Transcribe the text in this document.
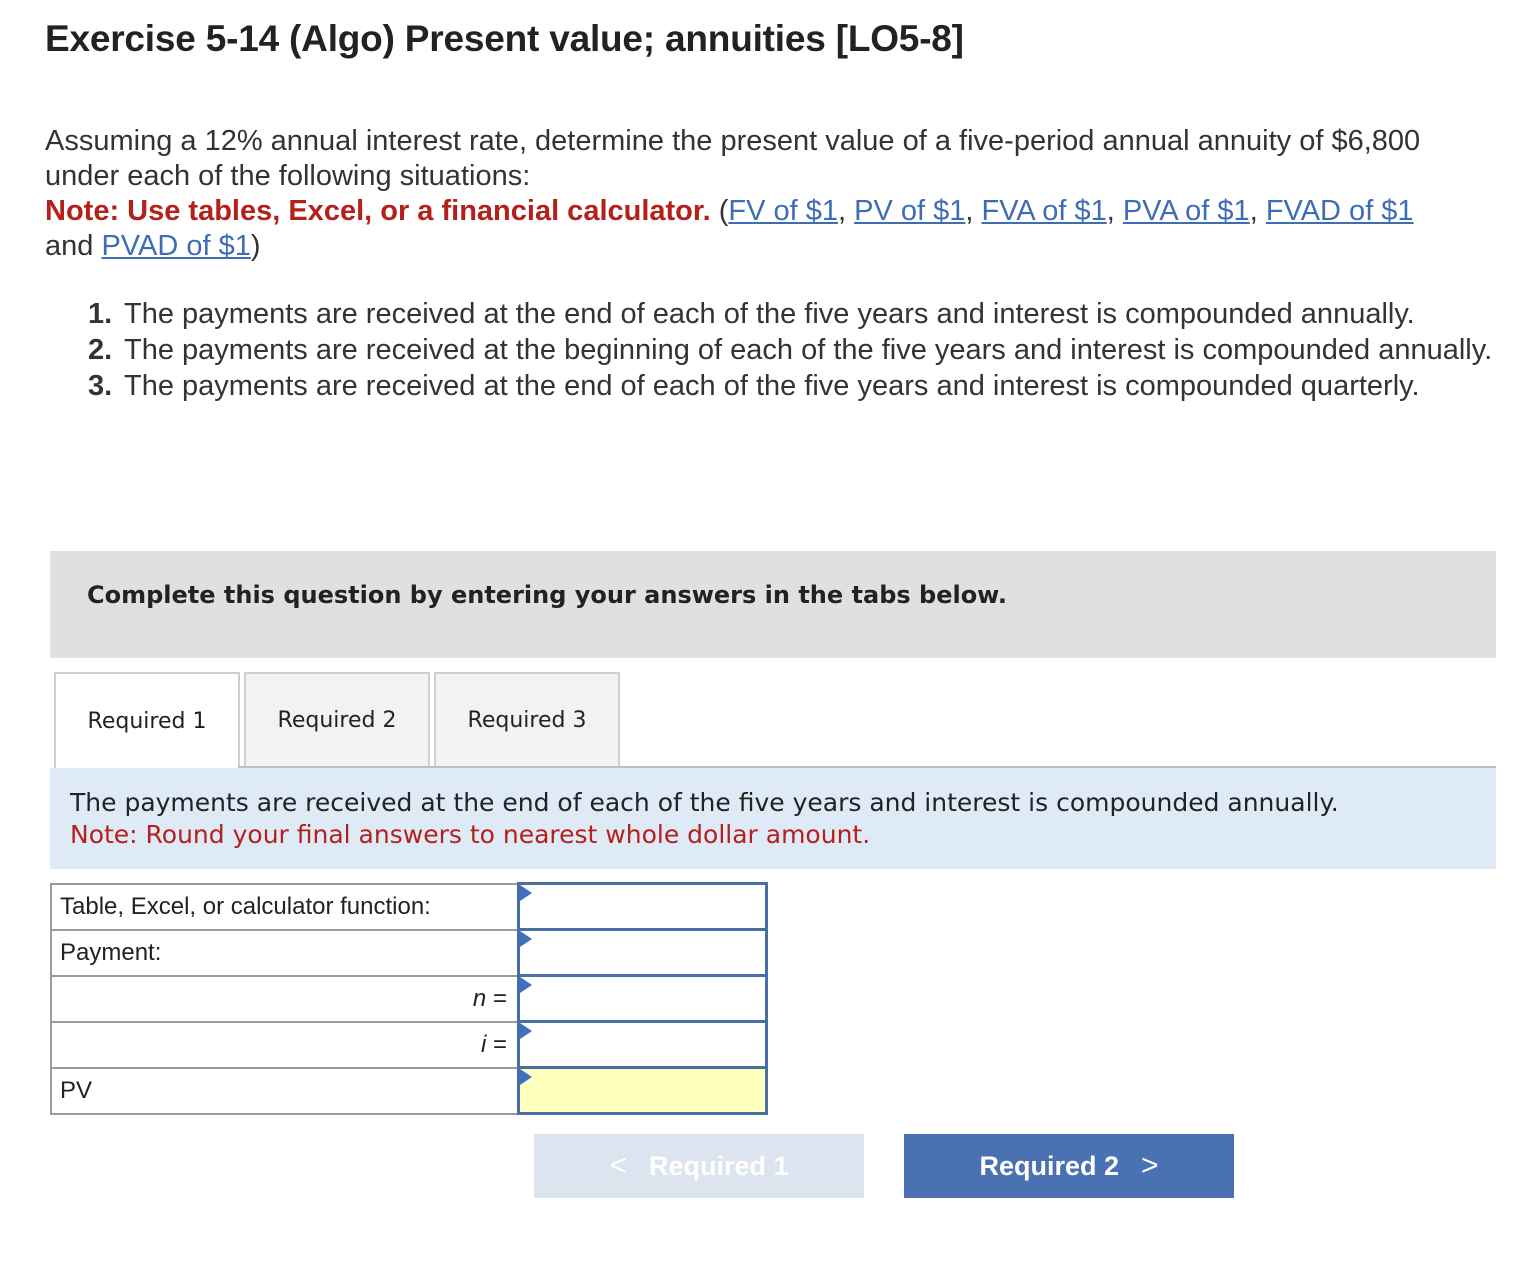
Exercise 5-14 (Algo) Present value; annuities [LO5-8]
Assuming a 12% annual interest rate, determine the present value of a five-period annual annuity of $6,800 under each of the following situations:
Note: Use tables, Excel, or a financial calculator. (FV of $1, PV of $1, FVA of $1, PVA of $1, FVAD of $1
and PVAD of $1)
1. The payments are received at the end of each of the five years and interest is compounded annually.
2. The payments are received at the beginning of each of the five years and interest is compounded annually.
3. The payments are received at the end of each of the five years and interest is compounded quarterly.
Complete this question by entering your answers in the tabs below.
Required 1	Required 2	Required 3
The payments are received at the end of each of the five years and interest is compounded annually.
Note: Round your final answers to nearest whole dollar amount.
Table, Excel, or calculator function:	

Payment:	

n =	

i =	

PV	
< Required 1	Required 2 >
